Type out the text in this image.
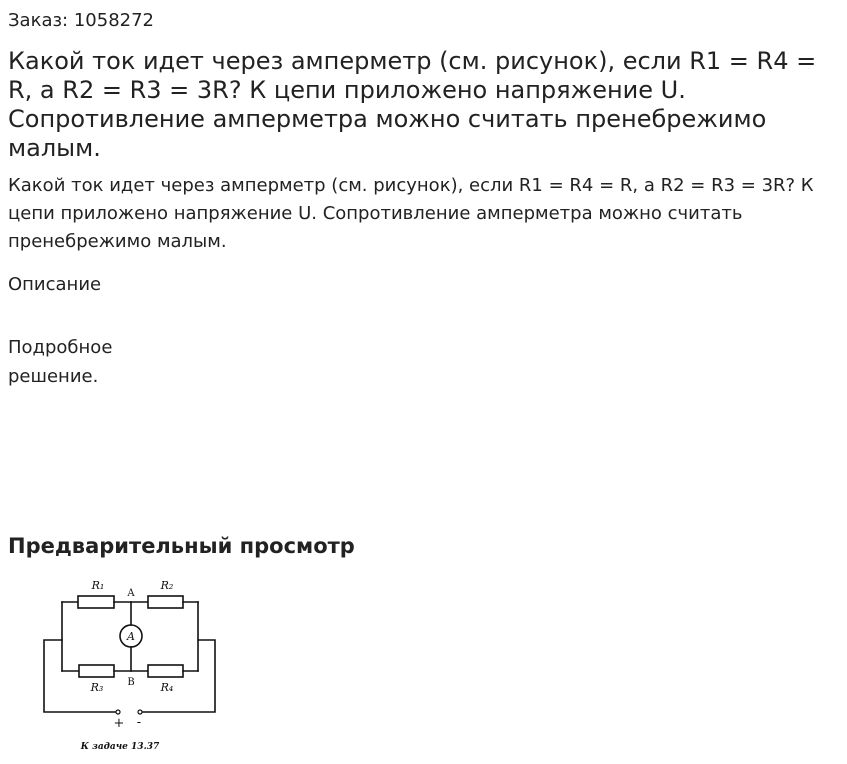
Заказ: 1058272
Какой ток идет через амперметр (см. рисунок), если R1 = R4 = R, а R2 = R3 = 3R? К цепи приложено напряжение U. Сопротивление амперметра можно считать пренебрежимо малым.

Какой ток идет через амперметр (см. рисунок), если R1 = R4 = R, а R2 = R3 = 3R? К цепи приложено напряжение U. Сопротивление амперметра можно считать пренебрежимо малым.

Описание
Подробное решение.
Предварительный просмотр
R₁
A
R₂
A
R₃ B R₄
+ -
К задаче 13.37
